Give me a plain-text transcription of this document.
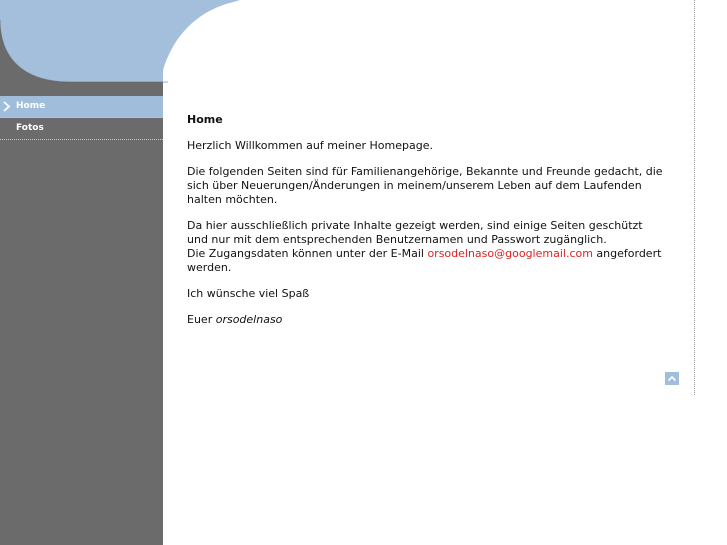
Home
Fotos
Home

Herzlich Willkommen auf meiner Homepage.

Die folgenden Seiten sind für Familienangehörige, Bekannte und Freunde gedacht, die sich über Neuerungen/Änderungen in meinem/unserem Leben auf dem Laufenden halten möchten.

Da hier ausschließlich private Inhalte gezeigt werden, sind einige Seiten geschützt und nur mit dem entsprechenden Benutzernamen und Passwort zugänglich.
Die Zugangsdaten können unter der E-Mail orsodelnaso@googlemail.com angefordert werden.

Ich wünsche viel Spaß

Euer orsodelnaso
